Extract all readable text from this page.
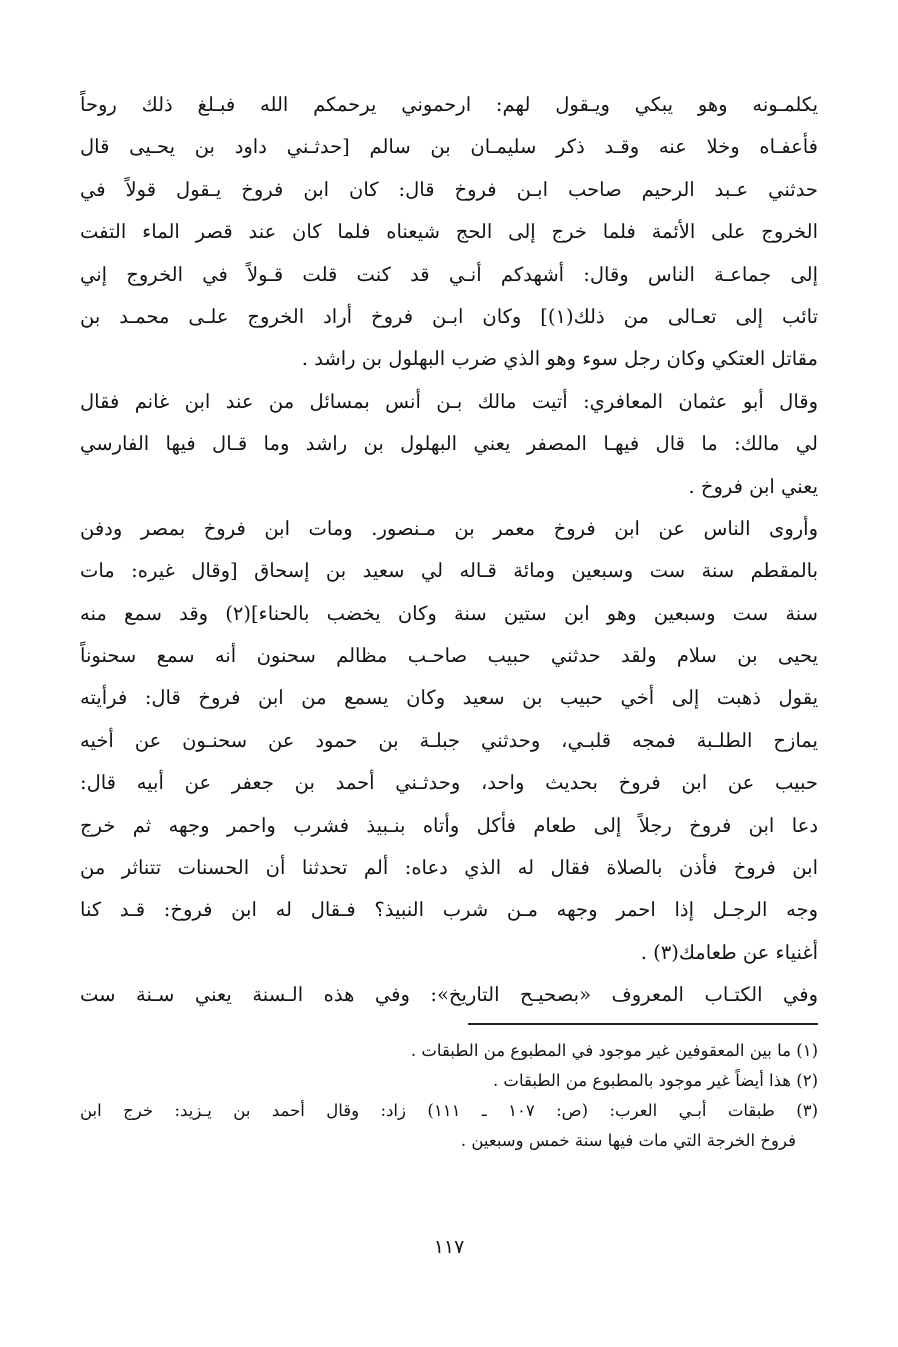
يكلمـونه وهو يبكي ويـقول لهم: ارحموني يرحمكم الله فبـلغ ذلك روحاً
فأعفـاه وخلا عنه وقـد ذكر سليمـان بن سالم [حدثـني داود بن يحـيى قال
حدثني عـبد الرحيم صاحب ابـن فروخ قال: كان ابن فروخ يـقول قولاً في
الخروج على الأئمة فلما خرج إلى الحج شيعناه فلما كان عند قصر الماء التفت
إلى جماعـة الناس وقال: أشهدكم أنـي قد كنت قلت قـولاً في الخروج إني
تائب إلى تعـالى من ذلك(١)] وكان ابـن فروخ أراد الخروج علـى محمـد بن
مقاتل العتكي وكان رجل سوء وهو الذي ضرب البهلول بن راشد .
وقال أبو عثمان المعافري: أتيت مالك بـن أنس بمسائل من عند ابن غانم فقال
لي مالك: ما قال فيهـا المصفر يعني البهلول بن راشد وما قـال فيها الفارسي
يعني ابن فروخ .
وأروى الناس عن ابن فروخ معمر بن مـنصور. ومات ابن فروخ بمصر ودفن
بالمقطم سنة ست وسبعين ومائة قـاله لي سعيد بن إسحاق [وقال غيره: مات
سنة ست وسبعين وهو ابن ستين سنة وكان يخضب بالحناء](٢) وقد سمع منه
يحيى بن سلام ولقد حدثني حبيب صاحـب مظالم سحنون أنه سمع سحنوناً
يقول ذهبت إلى أخي حبيب بن سعيد وكان يسمع من ابن فروخ قال: فرأيته
يمازح الطلـبة فمجه قلبـي، وحدثني جبلـة بن حمود عن سحنـون عن أخيه
حبيب عن ابن فروخ بحديث واحد، وحدثـني أحمد بن جعفر عن أبيه قال:
دعا ابن فروخ رجلاً إلى طعام فأكل وأتاه بنـبيذ فشرب واحمر وجهه ثم خرج
ابن فروخ فأذن بالصلاة فقال له الذي دعاه: ألم تحدثنا أن الحسنات تتناثر من
وجه الرجـل إذا احمر وجهه مـن شرب النبيذ؟ فـقال له ابن فروخ: قـد كنا
أغنياء عن طعامك(٣) .
وفي الكتـاب المعروف «بصحيـح التاريخ»: وفي هذه الـسنة يعني سـنة ست
(١) ما بين المعقوفين غير موجود في المطبوع من الطبقات .
(٢) هذا أيضاً غير موجود بالمطبوع من الطبقات .
(٣) طبقات أبـي العرب: (ص: ١٠٧ ـ ١١١) زاد: وقال أحمد بن يـزيد: خرج ابن
فروخ الخرجة التي مات فيها سنة خمس وسبعين .
١١٧
